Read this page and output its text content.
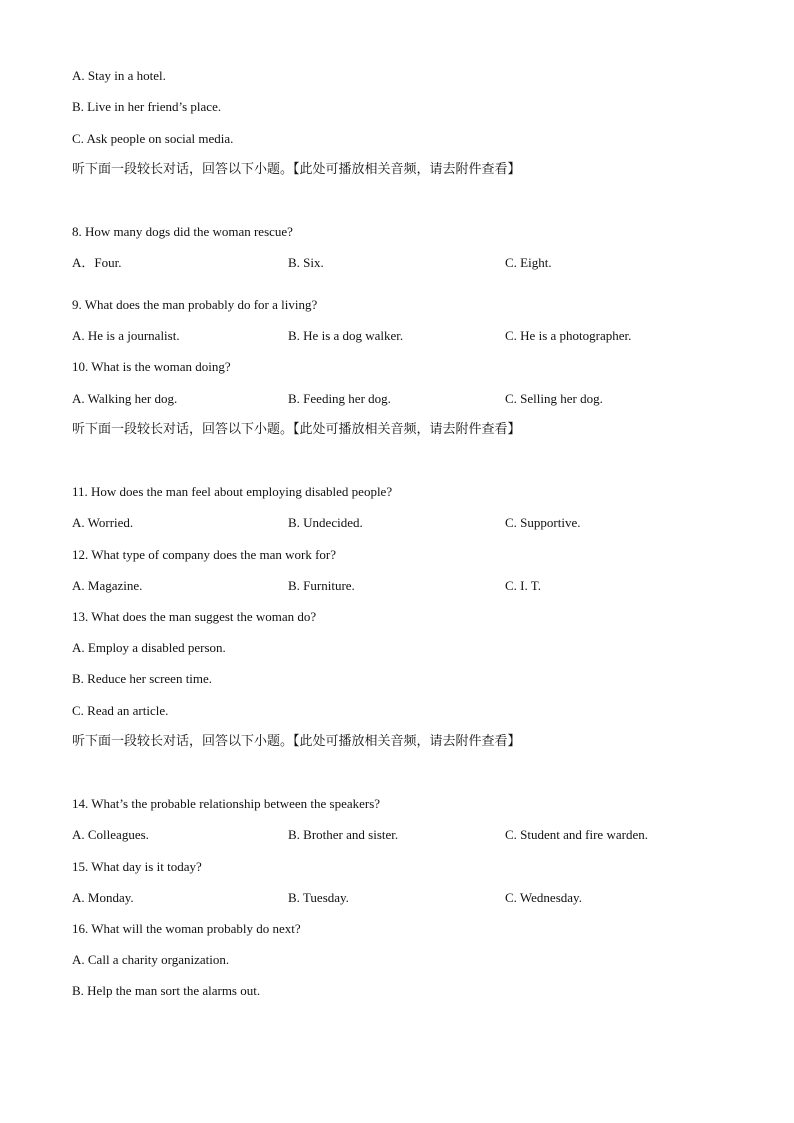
A. Stay in a hotel.
B. Live in her friend’s place.
C. Ask people on social media.
听下面一段较长对话，回答以下小题。【此处可播放相关音频，请去附件查看】
8. How many dogs did the woman rescue?
A．Four.	B. Six.	C. Eight.
9. What does the man probably do for a living?
A. He is a journalist.	B. He is a dog walker.	C. He is a photographer.
10. What is the woman doing?
A. Walking her dog.	B. Feeding her dog.	C. Selling her dog.
听下面一段较长对话，回答以下小题。【此处可播放相关音频，请去附件查看】
11. How does the man feel about employing disabled people?
A. Worried.	B. Undecided.	C. Supportive.
12. What type of company does the man work for?
A. Magazine.	B. Furniture.	C. I. T.
13. What does the man suggest the woman do?
A. Employ a disabled person.
B. Reduce her screen time.
C. Read an article.
听下面一段较长对话，回答以下小题。【此处可播放相关音频，请去附件查看】
14. What’s the probable relationship between the speakers?
A. Colleagues.	B. Brother and sister.	C. Student and fire warden.
15. What day is it today?
A. Monday.	B. Tuesday.	C. Wednesday.
16. What will the woman probably do next?
A. Call a charity organization.
B. Help the man sort the alarms out.
